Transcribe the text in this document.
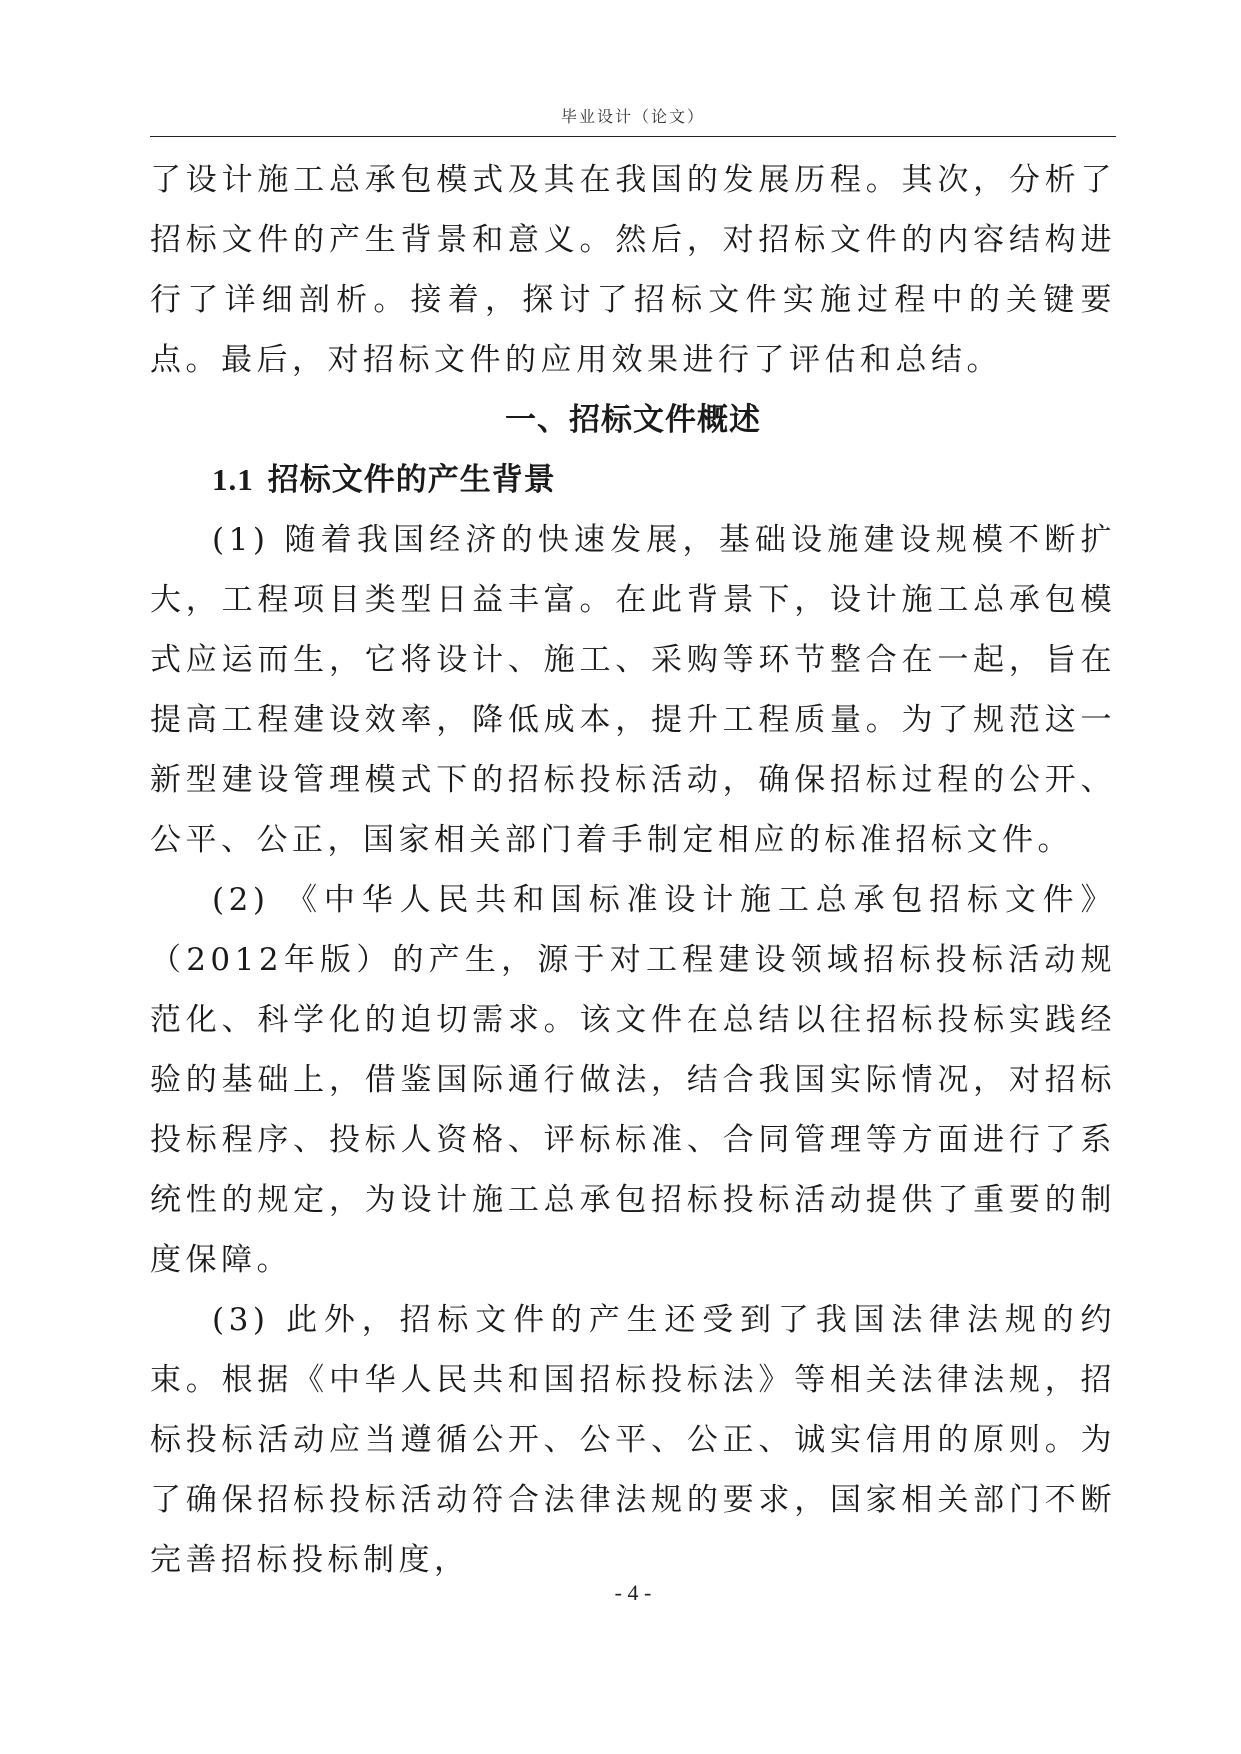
毕业设计（论文）

了设计施工总承包模式及其在我国的发展历程。其次，分析了招标文件的产生背景和意义。然后，对招标文件的内容结构进行了详细剖析。接着，探讨了招标文件实施过程中的关键要点。最后，对招标文件的应用效果进行了评估和总结。

一、招标文件概述
1.1 招标文件的产生背景

(1) 随着我国经济的快速发展，基础设施建设规模不断扩大，工程项目类型日益丰富。在此背景下，设计施工总承包模式应运而生，它将设计、施工、采购等环节整合在一起，旨在提高工程建设效率，降低成本，提升工程质量。为了规范这一新型建设管理模式下的招标投标活动，确保招标过程的公开、公平、公正，国家相关部门着手制定相应的标准招标文件。

(2) 《中华人民共和国标准设计施工总承包招标文件》（2012年版）的产生，源于对工程建设领域招标投标活动规范化、科学化的迫切需求。该文件在总结以往招标投标实践经验的基础上，借鉴国际通行做法，结合我国实际情况，对招标投标程序、投标人资格、评标标准、合同管理等方面进行了系统性的规定，为设计施工总承包招标投标活动提供了重要的制度保障。

(3) 此外，招标文件的产生还受到了我国法律法规的约束。根据《中华人民共和国招标投标法》等相关法律法规，招标投标活动应当遵循公开、公平、公正、诚实信用的原则。为了确保招标投标活动符合法律法规的要求，国家相关部门不断完善招标投标制度，

- 4 -
